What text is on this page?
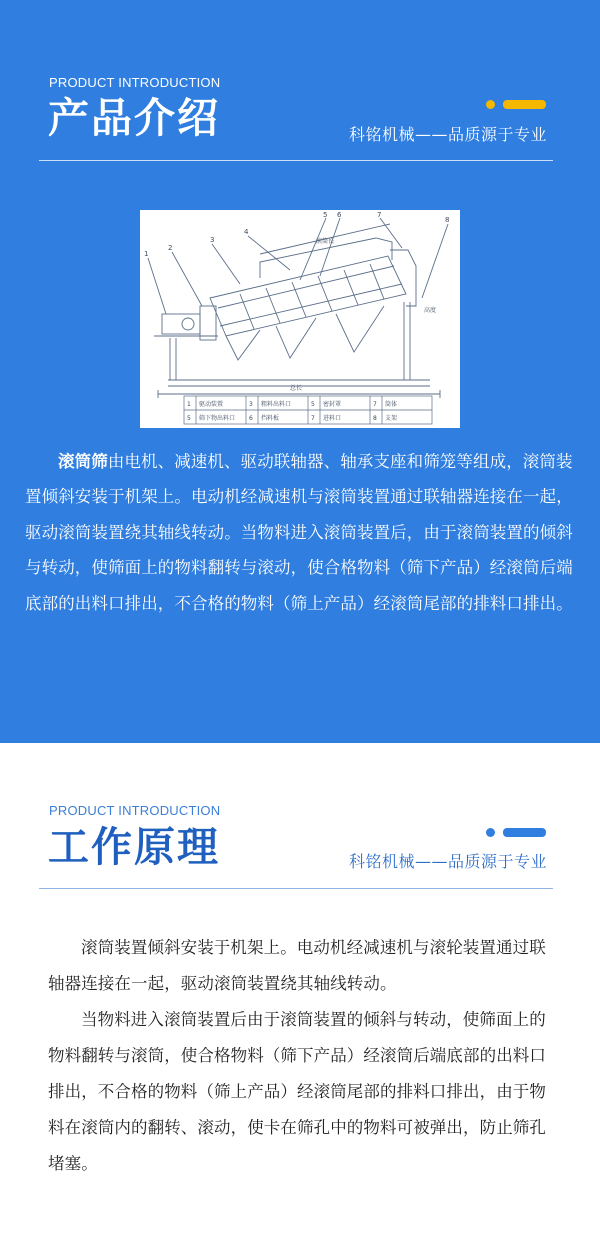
PRODUCT INTRODUCTION
产品介绍	科铭机械——品质源于专业
1
2
3
4
5 6	7
8
滚筒长
总长
高度
1 驱动装置	3 粗料出料口	5 密封罩	7 筒体
5 筛下物出料口 6 挡料板	7 进料口	8 支架
滚筒筛由电机、减速机、驱动联轴器、轴承支座和筛笼等组成，滚筒装置倾斜安装于机架上。电动机经减速机与滚筒装置通过联轴器连接在一起，驱动滚筒装置绕其轴线转动。当物料进入滚筒装置后，由于滚筒装置的倾斜与转动，使筛面上的物料翻转与滚动，使合格物料（筛下产品）经滚筒后端底部的出料口排出，不合格的物料（筛上产品）经滚筒尾部的排料口排出。
PRODUCT INTRODUCTION
工作原理	科铭机械——品质源于专业

滚筒装置倾斜安装于机架上。电动机经减速机与滚轮装置通过联轴器连接在一起，驱动滚筒装置绕其轴线转动。

当物料进入滚筒装置后由于滚筒装置的倾斜与转动，使筛面上的物料翻转与滚筒，使合格物料（筛下产品）经滚筒后端底部的出料口排出，不合格的物料（筛上产品）经滚筒尾部的排料口排出，由于物料在滚筒内的翻转、滚动，使卡在筛孔中的物料可被弹出，防止筛孔堵塞。
